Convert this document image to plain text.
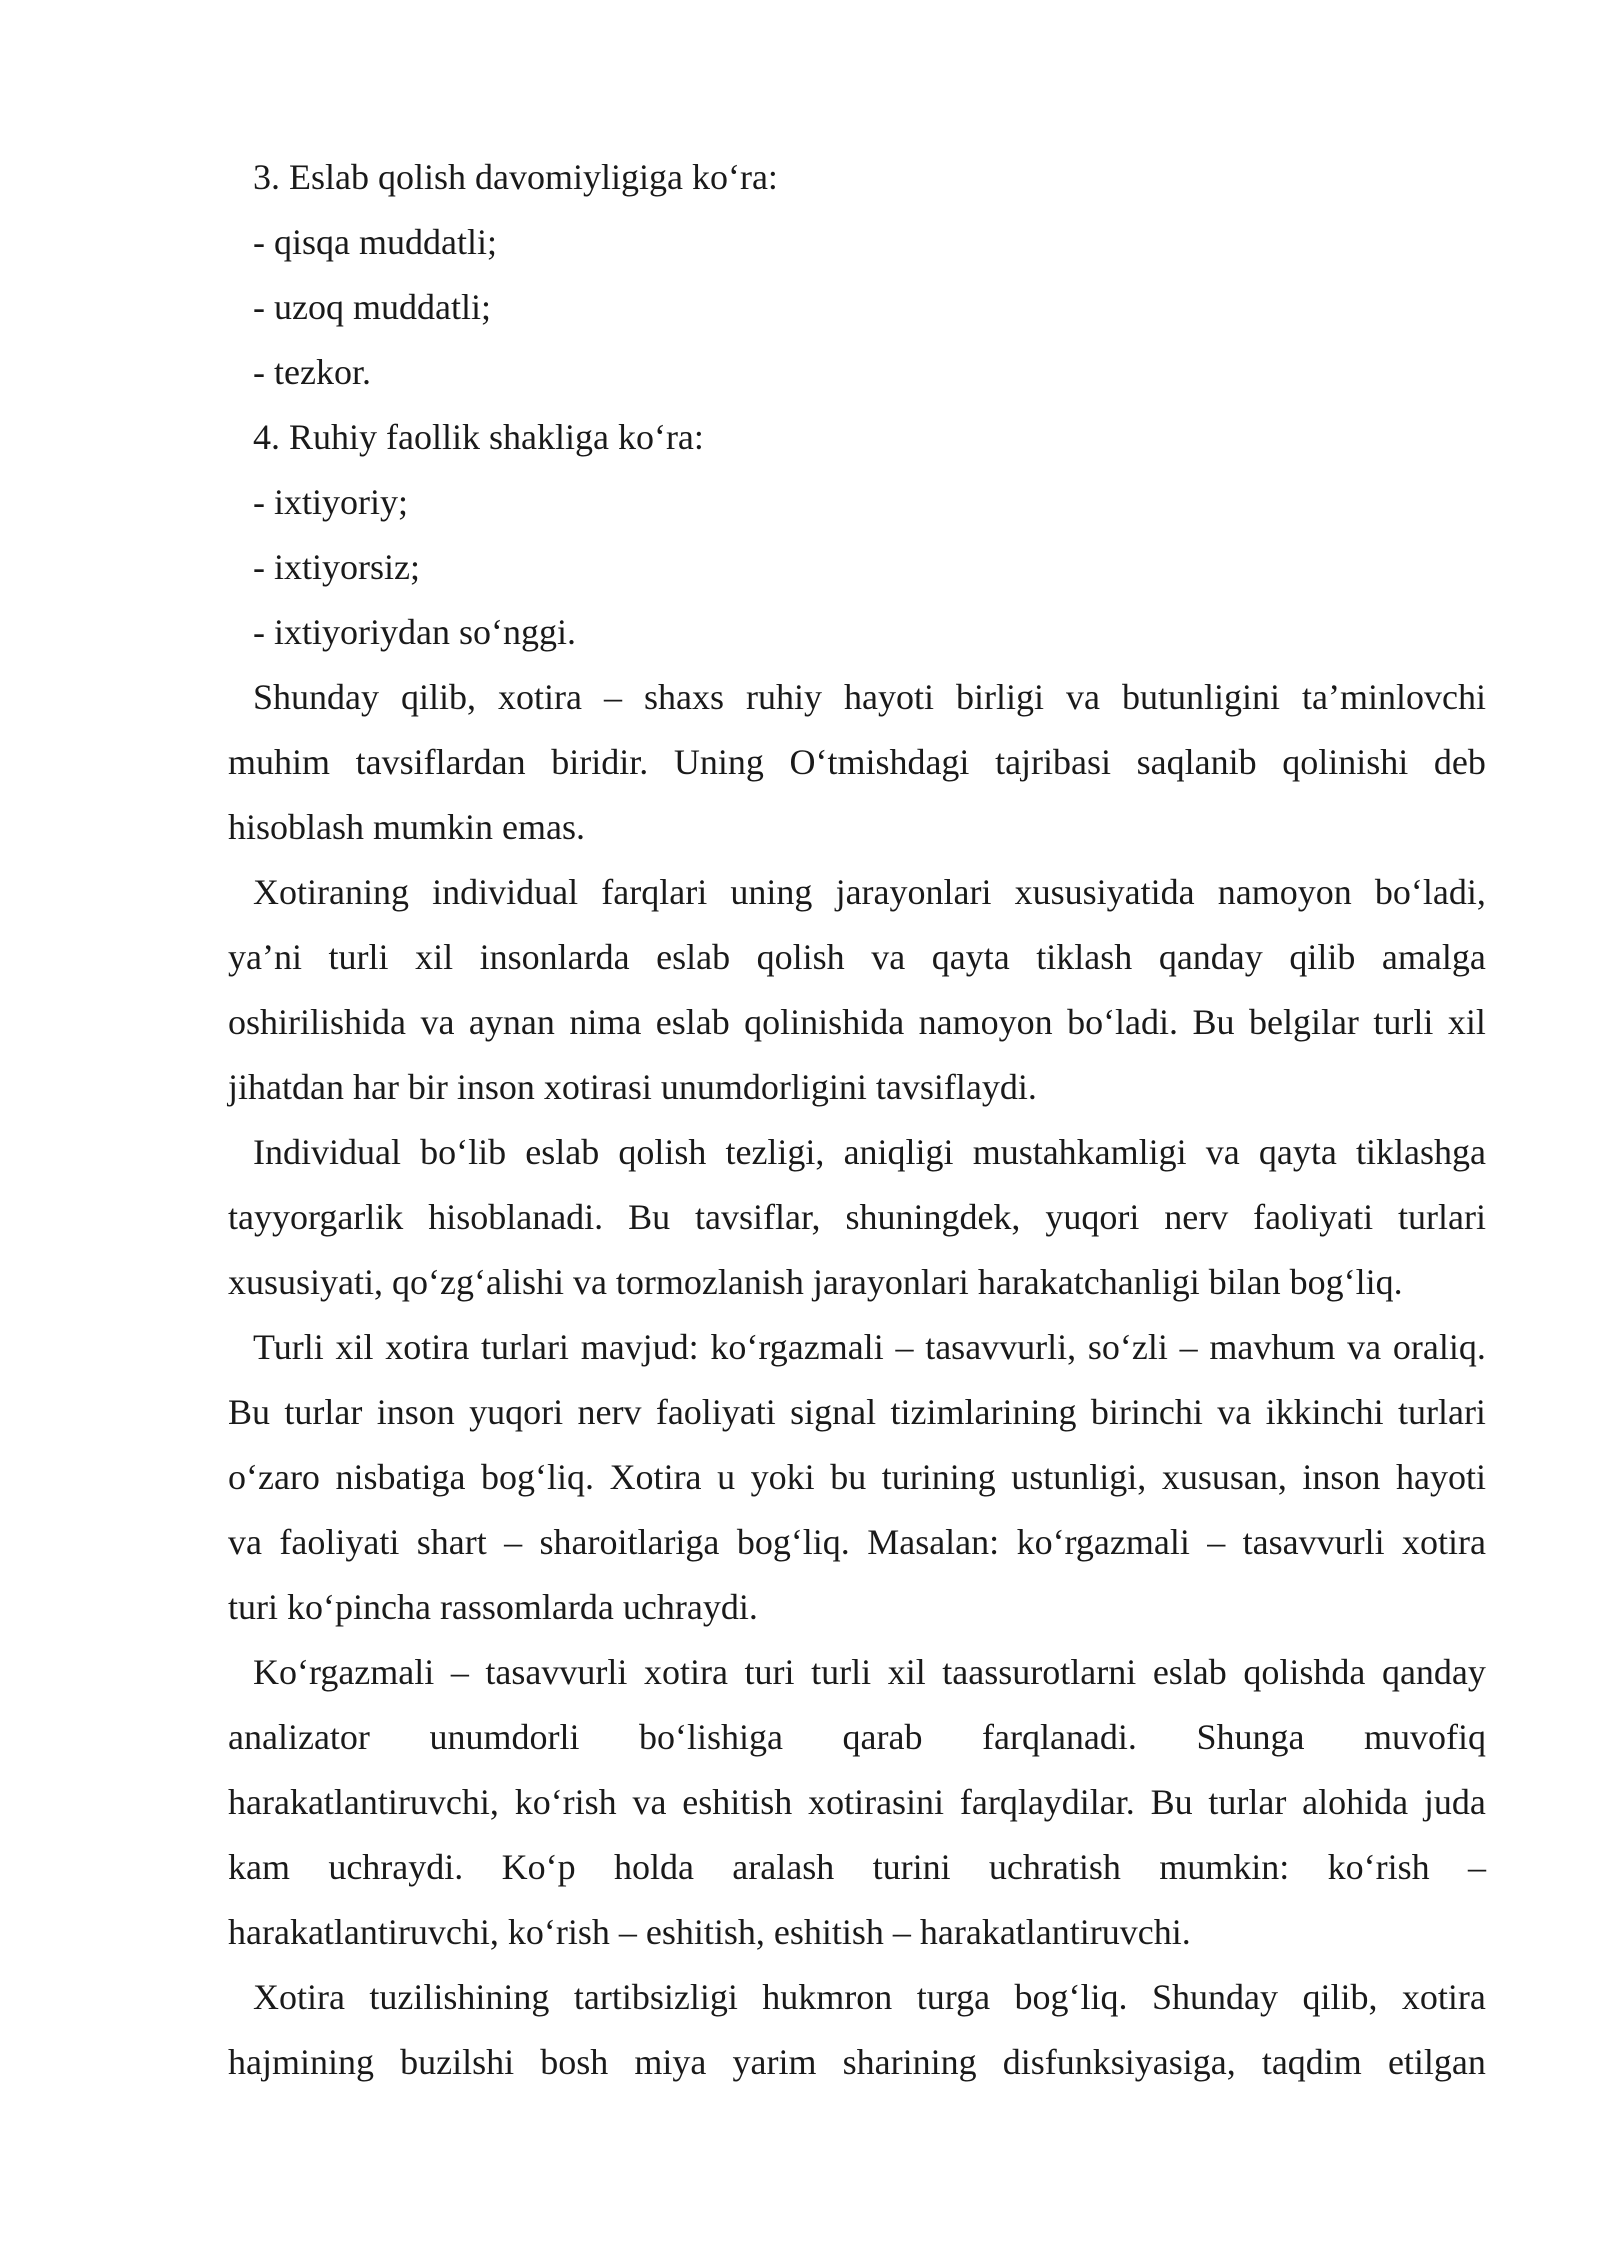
3. Eslab qolish davomiyligiga ko‘ra:
- qisqa muddatli;
- uzoq muddatli;
- tezkor.
4. Ruhiy faollik shakliga ko‘ra:
- ixtiyoriy;
- ixtiyorsiz;
- ixtiyoriydan so‘nggi.
Shunday qilib, xotira – shaxs ruhiy hayoti birligi va butunligini ta’minlovchi
muhim tavsiflardan biridir. Uning O‘tmishdagi tajribasi saqlanib qolinishi deb
hisoblash mumkin emas.
Xotiraning individual farqlari uning jarayonlari xususiyatida namoyon bo‘ladi,
ya’ni turli xil insonlarda eslab qolish va qayta tiklash qanday qilib amalga
oshirilishida va aynan nima eslab qolinishida namoyon bo‘ladi. Bu belgilar turli xil
jihatdan har bir inson xotirasi unumdorligini tavsiflaydi.
Individual bo‘lib eslab qolish tezligi, aniqligi mustahkamligi va qayta tiklashga
tayyorgarlik hisoblanadi. Bu tavsiflar, shuningdek, yuqori nerv faoliyati turlari
xususiyati, qo‘zg‘alishi va tormozlanish jarayonlari harakatchanligi bilan bog‘liq.
Turli xil xotira turlari mavjud: ko‘rgazmali – tasavvurli, so‘zli – mavhum va oraliq.
Bu turlar inson yuqori nerv faoliyati signal tizimlarining birinchi va ikkinchi turlari
o‘zaro nisbatiga bog‘liq. Xotira u yoki bu turining ustunligi, xususan, inson hayoti
va faoliyati shart – sharoitlariga bog‘liq. Masalan: ko‘rgazmali – tasavvurli xotira
turi ko‘pincha rassomlarda uchraydi.
Ko‘rgazmali – tasavvurli xotira turi turli xil taassurotlarni eslab qolishda qanday
analizator unumdorli bo‘lishiga qarab farqlanadi. Shunga muvofiq
harakatlantiruvchi, ko‘rish va eshitish xotirasini farqlaydilar. Bu turlar alohida juda
kam uchraydi. Ko‘p holda aralash turini uchratish mumkin: ko‘rish –
harakatlantiruvchi, ko‘rish – eshitish, eshitish – harakatlantiruvchi.
Xotira tuzilishining tartibsizligi hukmron turga bog‘liq. Shunday qilib, xotira
hajmining buzilshi bosh miya yarim sharining disfunksiyasiga, taqdim etilgan
